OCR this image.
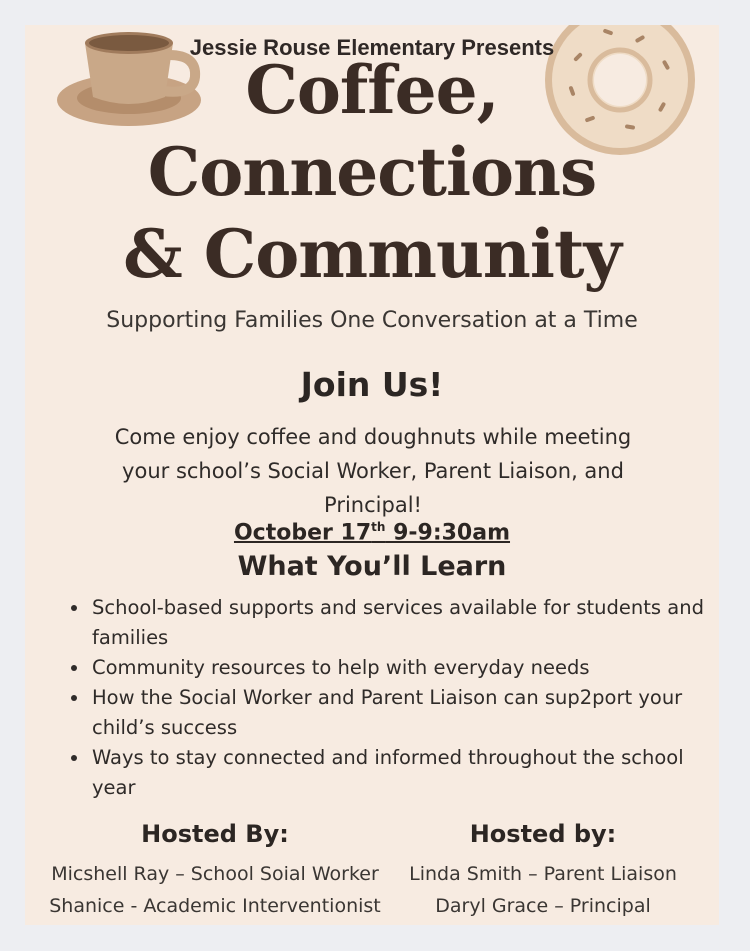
Jessie Rouse Elementary Presents

Coffee,

Connections

& Community

Supporting Families One Conversation at a Time

Join Us!

Come enjoy coffee and doughnuts while meeting your school’s Social Worker, Parent Liaison, and Principal!

October 17th 9-9:30am

What You’ll Learn

• School-based supports and services available for students and families
• Community resources to help with everyday needs
• How the Social Worker and Parent Liaison can sup2port your child’s success
• Ways to stay connected and informed throughout the school year

Hosted By:

Micshell Ray – School Soial Worker

Shanice - Academic Interventionist

Hosted by:

Linda Smith – Parent Liaison

Daryl Grace – Principal
